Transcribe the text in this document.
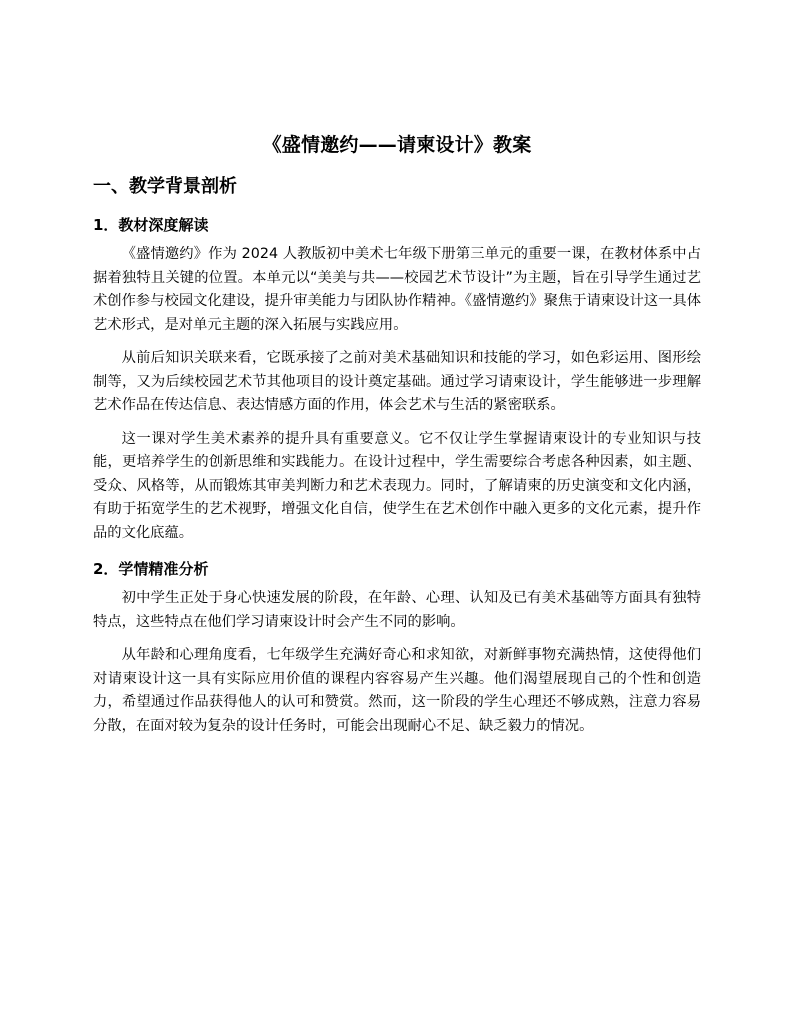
《盛情邀约——请柬设计》教案
一、教学背景剖析
1．教材深度解读

《盛情邀约》作为 2024 人教版初中美术七年级下册第三单元的重要一课，在教材体系中占据着独特且关键的位置。本单元以“美美与共——校园艺术节设计”为主题，旨在引导学生通过艺术创作参与校园文化建设，提升审美能力与团队协作精神。《盛情邀约》聚焦于请柬设计这一具体艺术形式，是对单元主题的深入拓展与实践应用。

从前后知识关联来看，它既承接了之前对美术基础知识和技能的学习，如色彩运用、图形绘制等，又为后续校园艺术节其他项目的设计奠定基础。通过学习请柬设计，学生能够进一步理解艺术作品在传达信息、表达情感方面的作用，体会艺术与生活的紧密联系。

这一课对学生美术素养的提升具有重要意义。它不仅让学生掌握请柬设计的专业知识与技能，更培养学生的创新思维和实践能力。在设计过程中，学生需要综合考虑各种因素，如主题、受众、风格等，从而锻炼其审美判断力和艺术表现力。同时，了解请柬的历史演变和文化内涵，有助于拓宽学生的艺术视野，增强文化自信，使学生在艺术创作中融入更多的文化元素，提升作品的文化底蕴。

2．学情精准分析

初中学生正处于身心快速发展的阶段，在年龄、心理、认知及已有美术基础等方面具有独特特点，这些特点在他们学习请柬设计时会产生不同的影响。

从年龄和心理角度看，七年级学生充满好奇心和求知欲，对新鲜事物充满热情，这使得他们对请柬设计这一具有实际应用价值的课程内容容易产生兴趣。他们渴望展现自己的个性和创造力，希望通过作品获得他人的认可和赞赏。然而，这一阶段的学生心理还不够成熟，注意力容易分散，在面对较为复杂的设计任务时，可能会出现耐心不足、缺乏毅力的情况。
